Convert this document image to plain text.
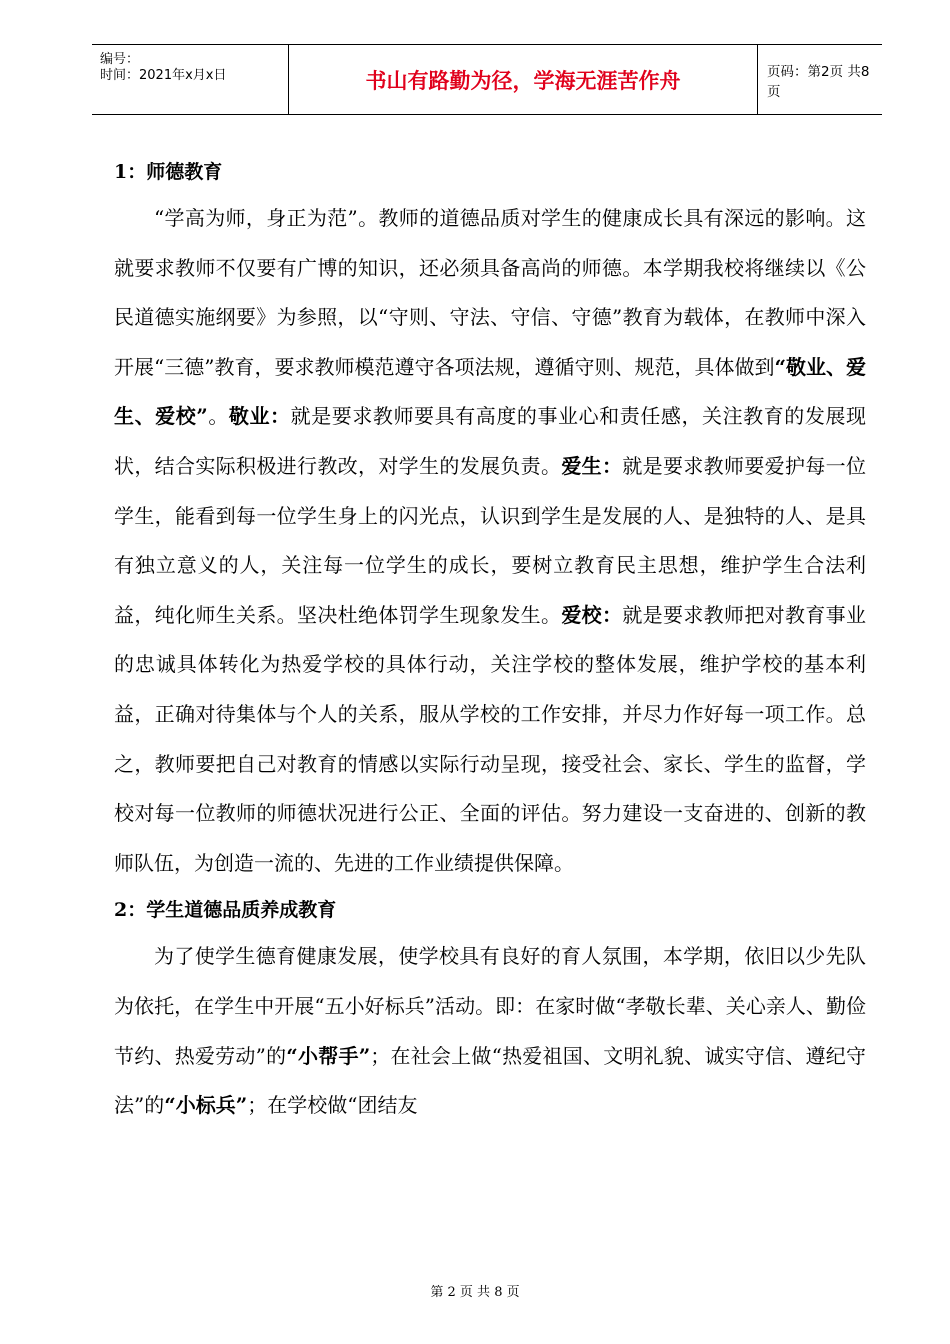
编号：
时间：2021年x月x日	书山有路勤为径，学海无涯苦作舟	页码：第2页 共8页

1：师德教育

“学高为师，身正为范”。教师的道德品质对学生的健康成长具有深远的影响。这就要求教师不仅要有广博的知识，还必须具备高尚的师德。本学期我校将继续以《公民道德实施纲要》为参照，以“守则、守法、守信、守德”教育为载体，在教师中深入开展“三德”教育，要求教师模范遵守各项法规，遵循守则、规范，具体做到“敬业、爱生、爱校”。敬业：就是要求教师要具有高度的事业心和责任感，关注教育的发展现状，结合实际积极进行教改，对学生的发展负责。爱生：就是要求教师要爱护每一位学生，能看到每一位学生身上的闪光点，认识到学生是发展的人、是独特的人、是具有独立意义的人，关注每一位学生的成长，要树立教育民主思想，维护学生合法利益，纯化师生关系。坚决杜绝体罚学生现象发生。爱校：就是要求教师把对教育事业的忠诚具体转化为热爱学校的具体行动，关注学校的整体发展，维护学校的基本利益，正确对待集体与个人的关系，服从学校的工作安排，并尽力作好每一项工作。总之，教师要把自己对教育的情感以实际行动呈现，接受社会、家长、学生的监督，学校对每一位教师的师德状况进行公正、全面的评估。努力建设一支奋进的、创新的教师队伍，为创造一流的、先进的工作业绩提供保障。

2：学生道德品质养成教育

为了使学生德育健康发展，使学校具有良好的育人氛围，本学期，依旧以少先队为依托，在学生中开展“五小好标兵”活动。即：在家时做“孝敬长辈、关心亲人、勤俭节约、热爱劳动”的“小帮手”；在社会上做“热爱祖国、文明礼貌、诚实守信、遵纪守法”的“小标兵”；在学校做“团结友

第 2 页 共 8 页
